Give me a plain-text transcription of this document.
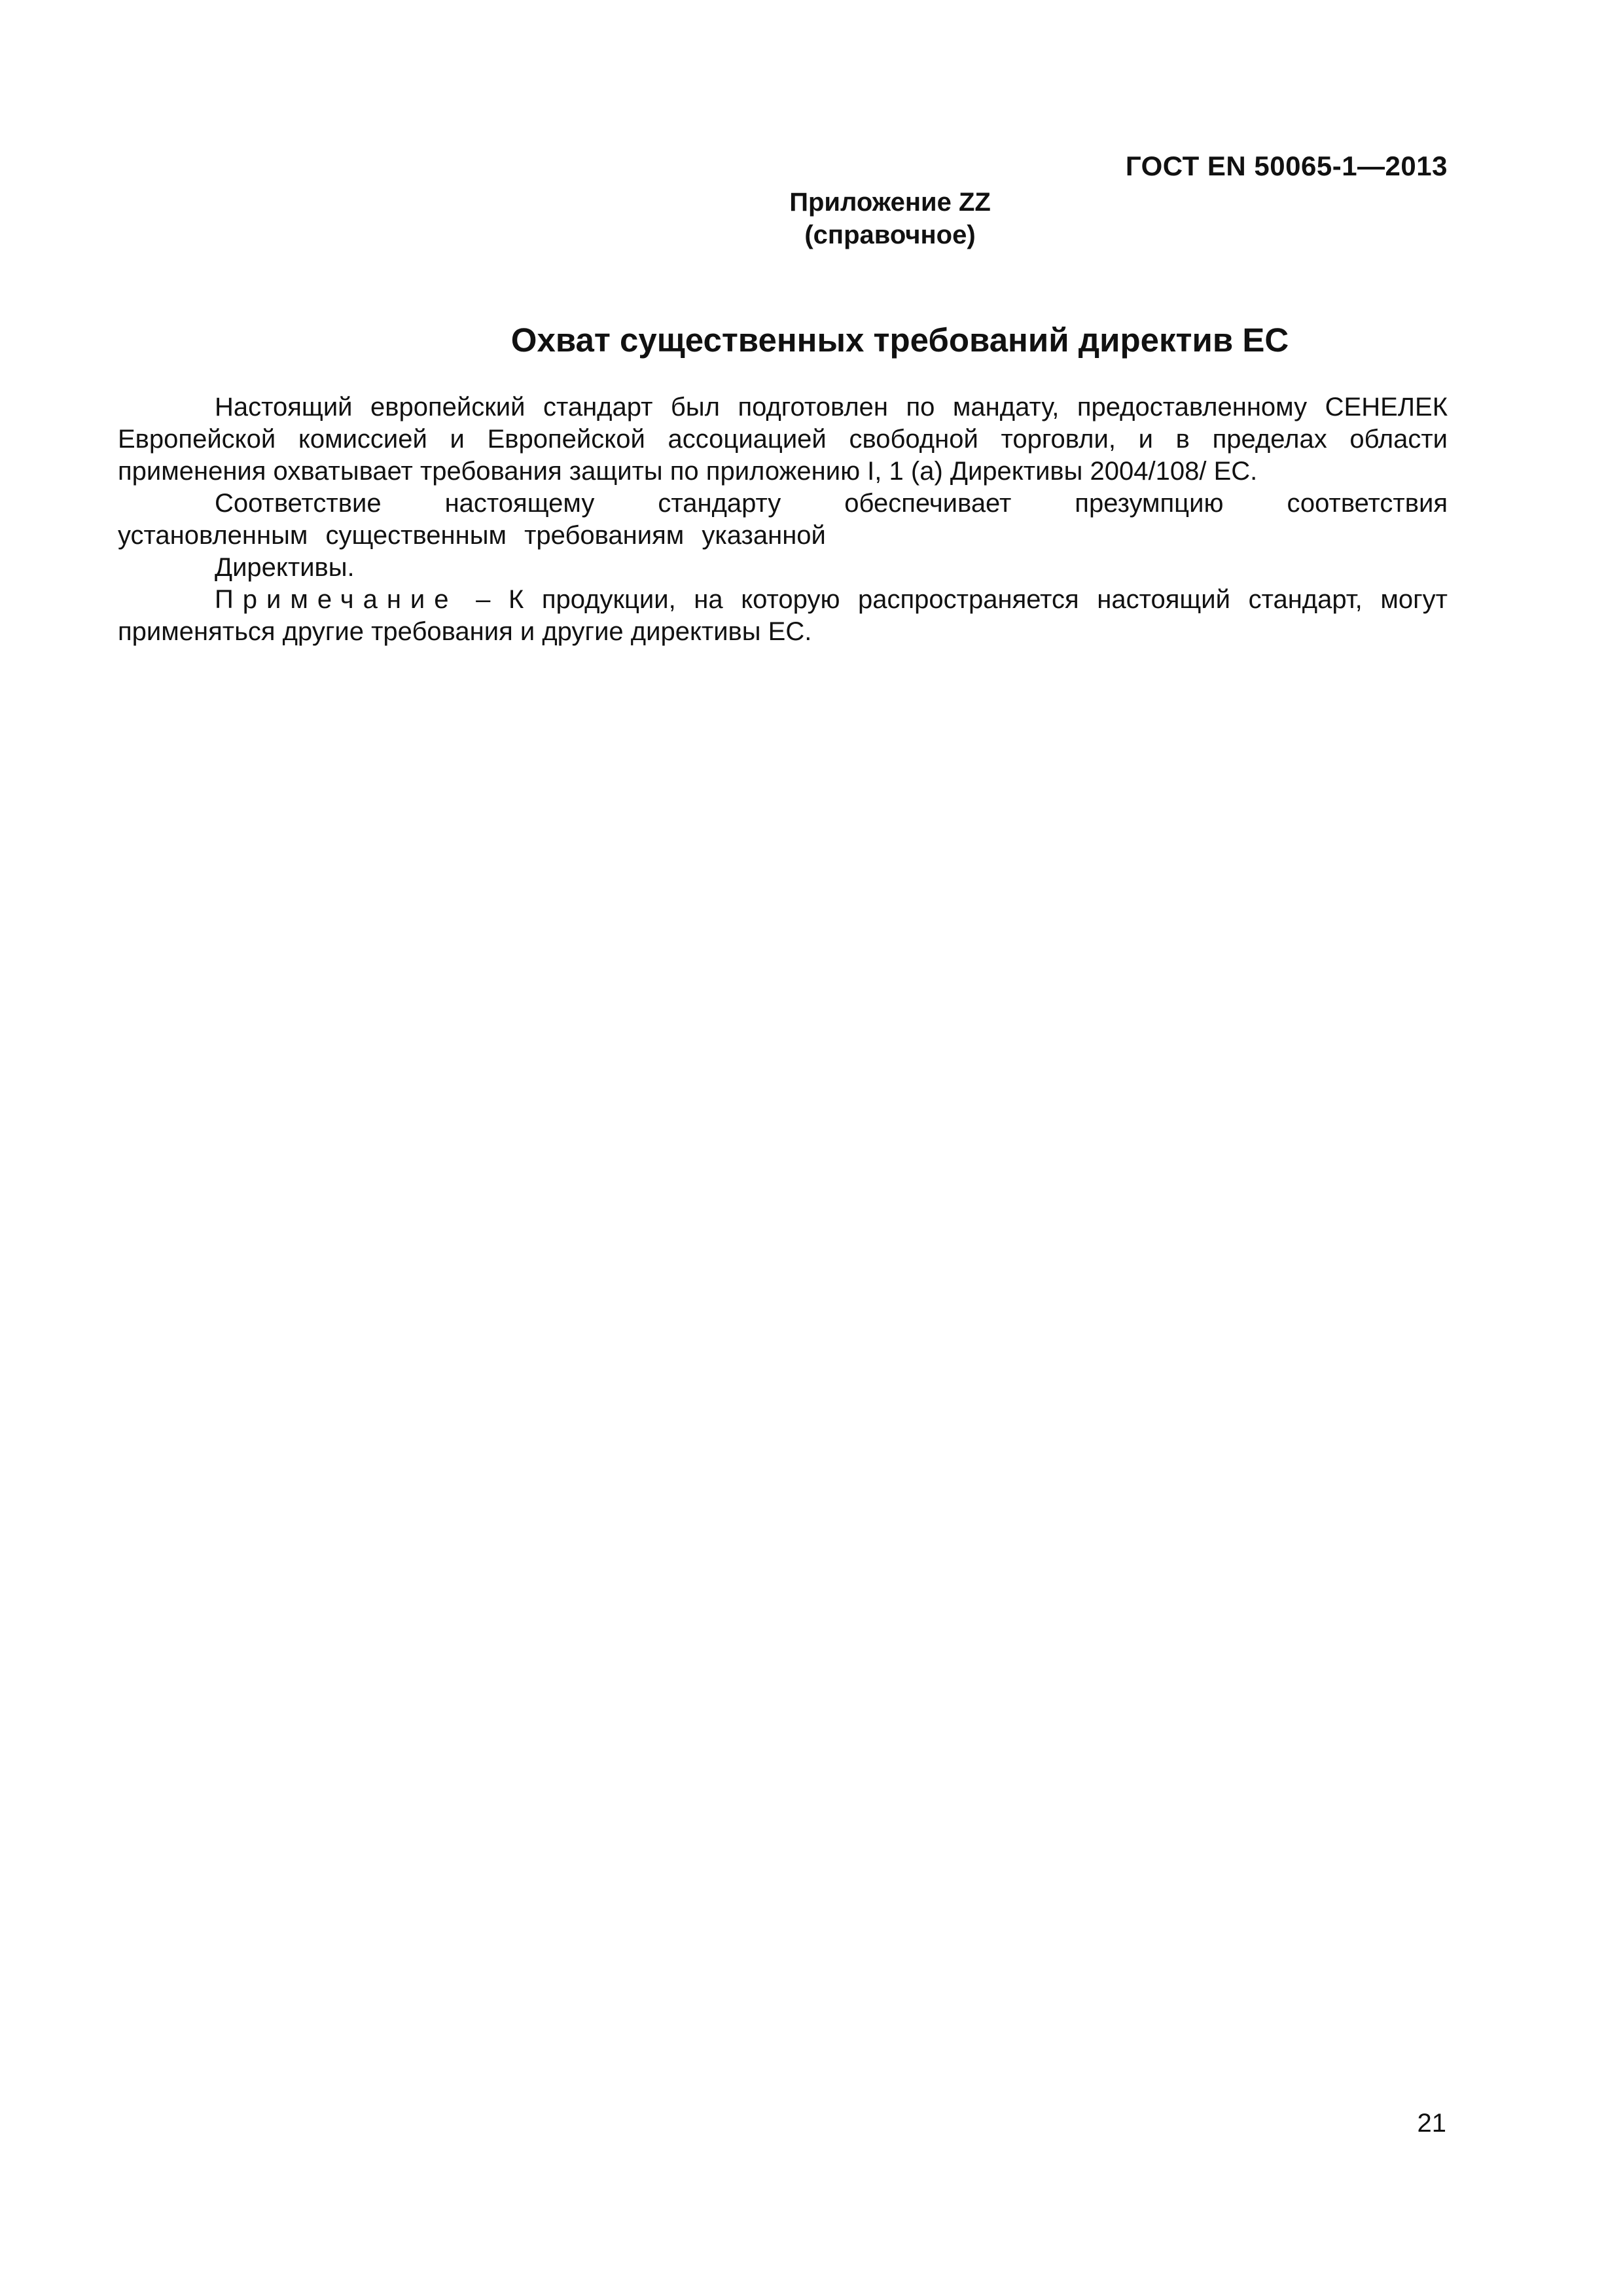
ГОСТ EN 50065-1—2013
Приложение ZZ
(справочное)
Охват существенных требований директив ЕС

Настоящий европейский стандарт был подготовлен по мандату, предоставленному СЕНЕЛЕК Европейской комиссией и Европейской ассоциацией свободной торговли, и в пределах области применения охватывает требования защиты по приложению I, 1 (a) Директивы 2004/108/ ЕС.

Соответствие настоящему стандарту обеспечивает презумпцию соответствия

установленным существенным требованиям указанной

Директивы.

Примечание – К продукции, на которую распространяется настоящий стандарт, могут применяться другие требования и другие директивы ЕС.

21
